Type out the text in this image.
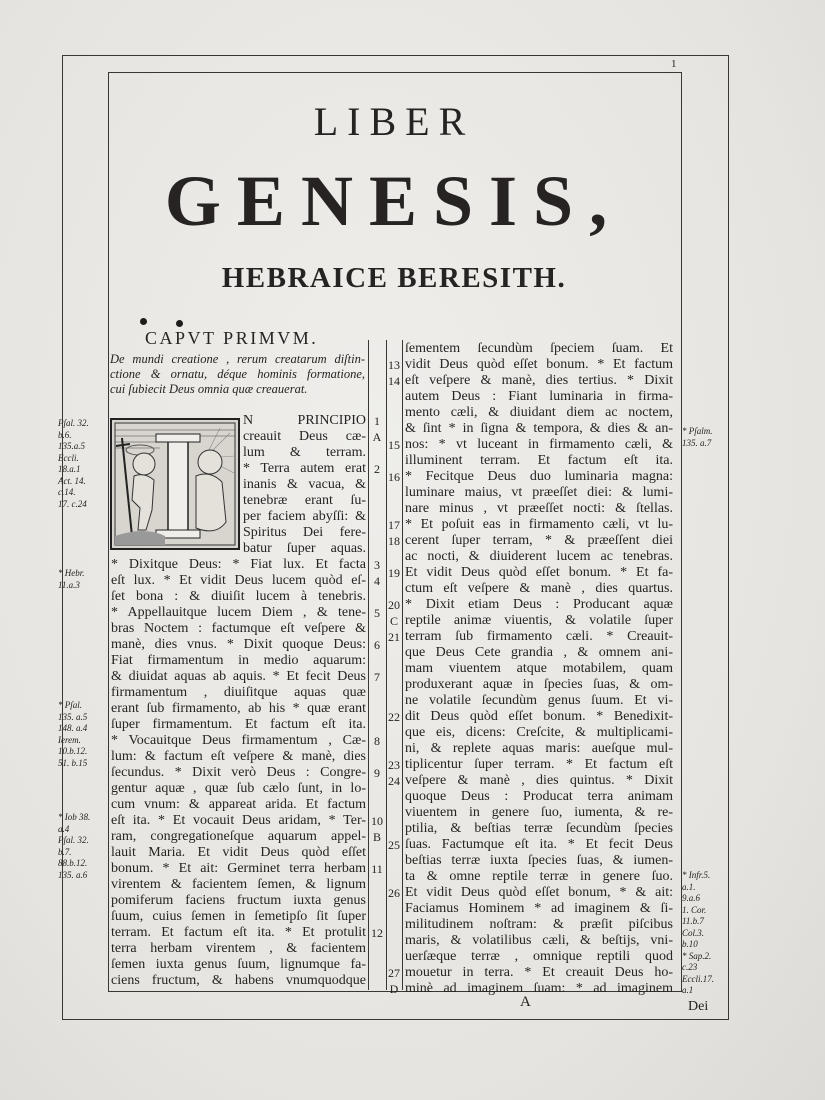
1
LIBER
GENESIS,
HEBRAICE BERESITH.
CAPVT PRIMVM.
De mundi creatione , rerum creatarum diſtin-
ctione & ornatu, déque hominis formatione,
cui ſubiecit Deus omnia quæ creauerat.
N PRINCIPIO
creauit Deus cæ-
lum & terram.
* Terra autem erat
inanis & vacua, &
tenebræ erant ſu-
per faciem abyſſi: &
Spiritus Dei fere-
batur ſuper aquas.
* Dixitque Deus: * Fiat lux. Et facta
eſt lux. * Et vidit Deus lucem quòd eſ-
ſet bona : & diuiſit lucem à tenebris.
* Appellauitque lucem Diem , & tene-
bras Noctem : factumque eſt veſpere &
manè, dies vnus. * Dixit quoque Deus:
Fiat firmamentum in medio aquarum:
& diuidat aquas ab aquis. * Et fecit Deus
firmamentum , diuiſitque aquas quæ
erant ſub firmamento, ab his * quæ erant
ſuper firmamentum. Et factum eſt ita.
* Vocauitque Deus firmamentum , Cæ-
lum: & factum eſt veſpere & manè, dies
ſecundus. * Dixit verò Deus : Congre-
gentur aquæ , quæ ſub cælo ſunt, in lo-
cum vnum: & appareat arida. Et factum
eſt ita. * Et vocauit Deus aridam, * Ter-
ram, congregationeſque aquarum appel-
lauit Maria. Et vidit Deus quòd eſſet
bonum. * Et ait: Germinet terra herbam
virentem & facientem ſemen, & lignum
pomiferum faciens fructum iuxta genus
ſuum, cuius ſemen in ſemetipſo ſit ſuper
terram. Et factum eſt ita. * Et protulit
terra herbam virentem , & facientem
ſemen iuxta genus ſuum, lignumque fa-
ciens fructum, & habens vnumquodque
ſementem ſecundùm ſpeciem ſuam. Et
vidit Deus quòd eſſet bonum. * Et factum
eſt veſpere & manè, dies tertius. * Dixit
autem Deus : Fiant luminaria in firma-
mento cæli, & diuidant diem ac noctem,
& ſint * in ſigna & tempora, & dies & an-
nos: * vt luceant in firmamento cæli, &
illuminent terram. Et factum eſt ita.
* Fecitque Deus duo luminaria magna:
luminare maius, vt præeſſet diei: & lumi-
nare minus , vt præeſſet nocti: & ſtellas.
* Et poſuit eas in firmamento cæli, vt lu-
cerent ſuper terram, * & præeſſent diei
ac nocti, & diuiderent lucem ac tenebras.
Et vidit Deus quòd eſſet bonum. * Et fa-
ctum eſt veſpere & manè , dies quartus.
* Dixit etiam Deus : Producant aquæ
reptile animæ viuentis, & volatile ſuper
terram ſub firmamento cæli. * Creauit-
que Deus Cete grandia , & omnem ani-
mam viuentem atque motabilem, quam
produxerant aquæ in ſpecies ſuas, & om-
ne volatile ſecundùm genus ſuum. Et vi-
dit Deus quòd eſſet bonum. * Benedixit-
que eis, dicens: Creſcite, & multiplicami-
ni, & replete aquas maris: aueſque mul-
tiplicentur ſuper terram. * Et factum eſt
veſpere & manè , dies quintus. * Dixit
quoque Deus : Producat terra animam
viuentem in genere ſuo, iumenta, & re-
ptilia, & beſtias terræ ſecundùm ſpecies
ſuas. Factumque eſt ita. * Et fecit Deus
beſtias terræ iuxta ſpecies ſuas, & iumen-
ta & omne reptile terræ in genere ſuo.
Et vidit Deus quòd eſſet bonum, * & ait:
Faciamus Hominem * ad imaginem & ſi-
militudinem noſtram: & præſit piſcibus
maris, & volatilibus cæli, & beſtijs, vni-
uerſæque terræ , omnique reptili quod
mouetur in terra. * Et creauit Deus ho-
minè ad imaginem ſuam: * ad imaginem
1
A
2
3
4
5
6
7
8
9
10
B
11
12
13
14
15
16
17
18
19
20
C
21
22
23
24
25
26
27
D
Pſal. 32.
b.6.
135.a.5
Eccli.
18.a.1
Act. 14.
c.14.
17. c.24
* Hebr.
11.a.3
* Pſal.
135. a.5
148. a.4
Ierem.
10.b.12.
51. b.15
* Iob 38.
a.4
Pſal. 32.
b.7.
88.b.12.
135. a.6
* Pſalm.
135. a.7
* Infr.5.
a.1.
9.a.6
1. Cor.
11.b.7
Col.3.
b.10
* Sap.2.
c.23
Eccli.17.
a.1
A	Dei
